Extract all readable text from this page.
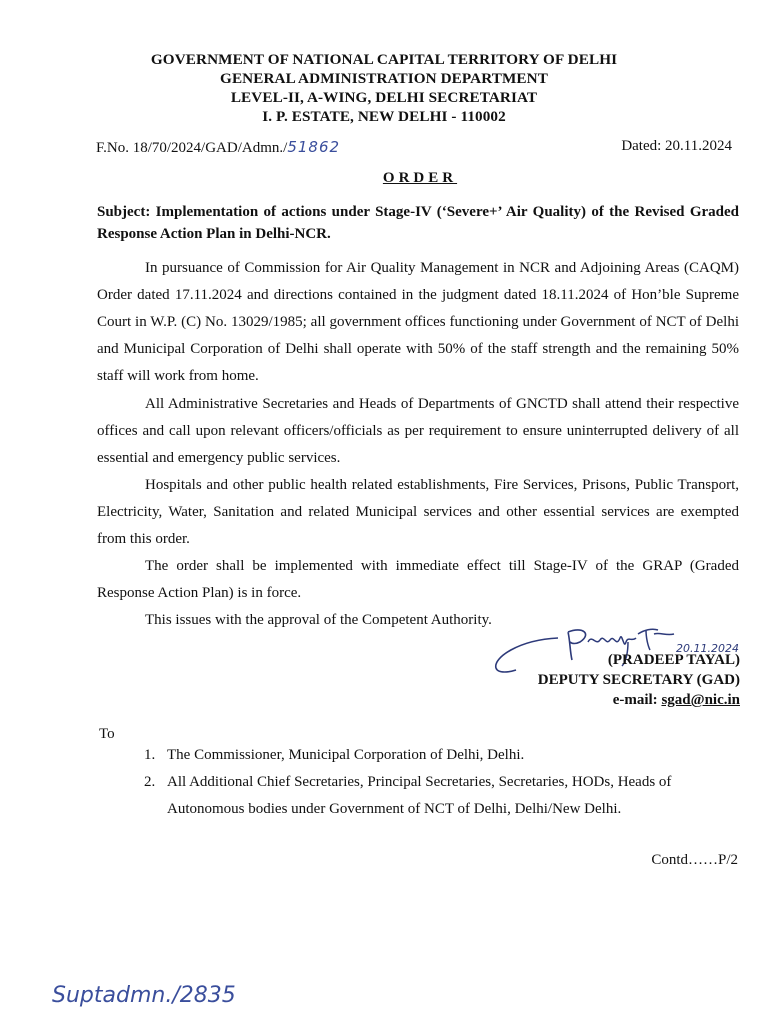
GOVERNMENT OF NATIONAL CAPITAL TERRITORY OF DELHI
GENERAL ADMINISTRATION DEPARTMENT
LEVEL-II, A-WING, DELHI SECRETARIAT
I. P. ESTATE, NEW DELHI - 110002
F.No. 18/70/2024/GAD/Admn./51862	Dated: 20.11.2024
ORDER
Subject: Implementation of actions under Stage-IV (‘Severe+’ Air Quality) of the Revised Graded Response Action Plan in Delhi-NCR.
In pursuance of Commission for Air Quality Management in NCR and Adjoining Areas (CAQM) Order dated 17.11.2024 and directions contained in the judgment dated 18.11.2024 of Hon’ble Supreme Court in W.P. (C) No. 13029/1985; all government offices functioning under Government of NCT of Delhi and Municipal Corporation of Delhi shall operate with 50% of the staff strength and the remaining 50% staff will work from home.
All Administrative Secretaries and Heads of Departments of GNCTD shall attend their respective offices and call upon relevant officers/officials as per requirement to ensure uninterrupted delivery of all essential and emergency public services.
Hospitals and other public health related establishments, Fire Services, Prisons, Public Transport, Electricity, Water, Sanitation and related Municipal services and other essential services are exempted from this order.
The order shall be implemented with immediate effect till Stage-IV of the GRAP (Graded Response Action Plan) is in force.
This issues with the approval of the Competent Authority.
20.11.2024
(PRADEEP TAYAL)
DEPUTY SECRETARY (GAD)
e-mail: sgad@nic.in
To
1. The Commissioner, Municipal Corporation of Delhi, Delhi.
2. All Additional Chief Secretaries, Principal Secretaries, Secretaries, HODs, Heads of Autonomous bodies under Government of NCT of Delhi, Delhi/New Delhi.
Contd……P/2
Suptadmn./2835
